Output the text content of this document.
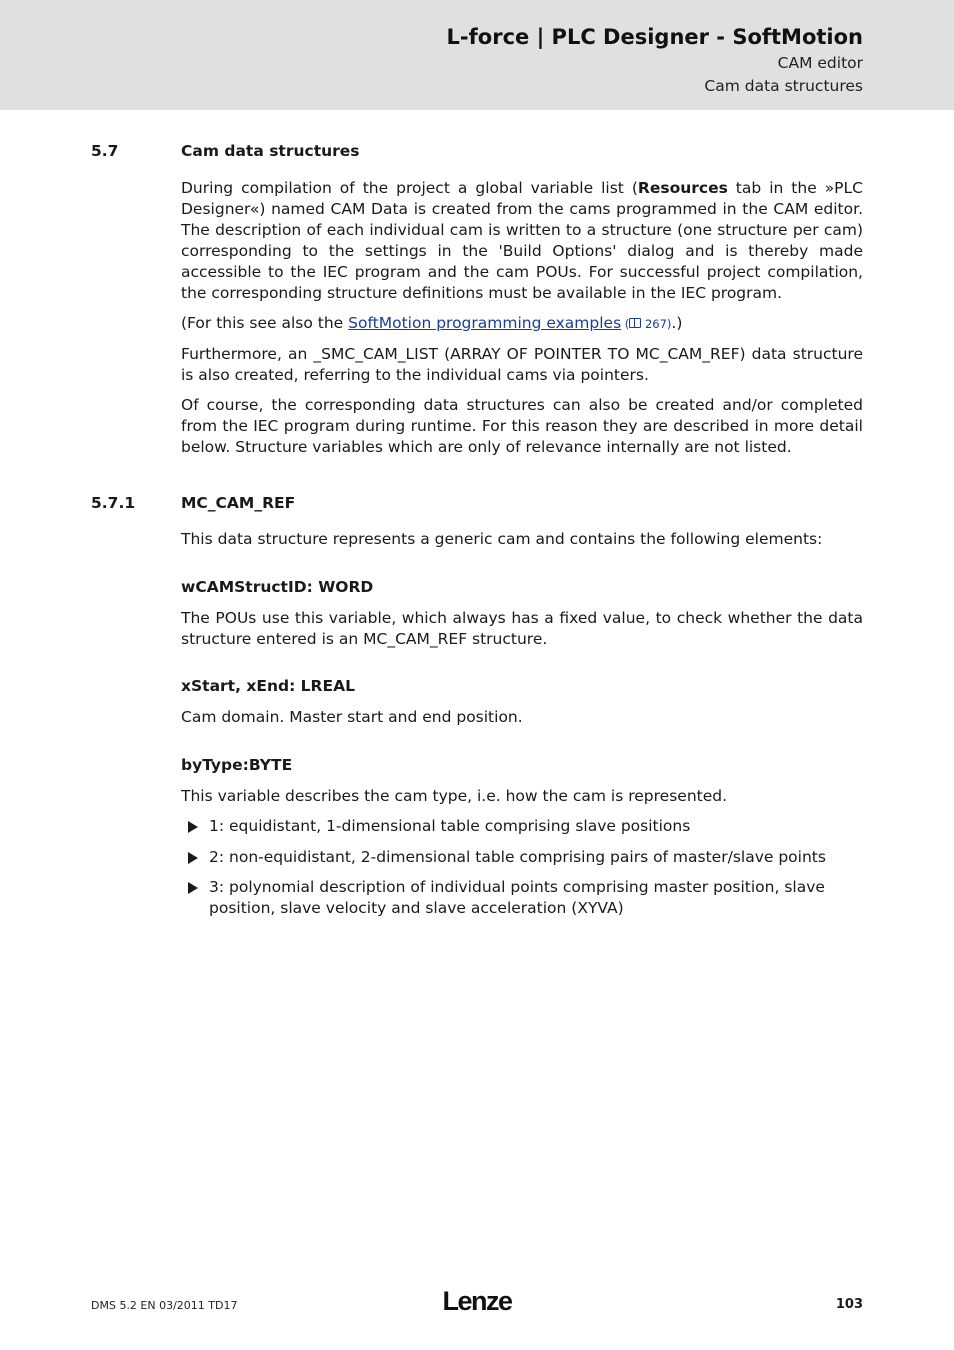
L-force | PLC Designer - SoftMotion
CAM editor
Cam data structures
5.7	Cam data structures
During compilation of the project a global variable list (Resources tab in the »PLC Designer«) named CAM Data is created from the cams programmed in the CAM editor. The description of each individual cam is written to a structure (one structure per cam) corresponding to the settings in the 'Build Options' dialog and is thereby made accessible to the IEC program and the cam POUs. For successful project compilation, the corresponding structure definitions must be available in the IEC program.
(For this see also the SoftMotion programming examples ( 267).)
Furthermore, an _SMC_CAM_LIST (ARRAY OF POINTER TO MC_CAM_REF) data structure is also created, referring to the individual cams via pointers.
Of course, the corresponding data structures can also be created and/or completed from the IEC program during runtime. For this reason they are described in more detail below. Structure variables which are only of relevance internally are not listed.
5.7.1	MC_CAM_REF
This data structure represents a generic cam and contains the following elements:
wCAMStructID: WORD
The POUs use this variable, which always has a fixed value, to check whether the data structure entered is an MC_CAM_REF structure.
xStart, xEnd: LREAL
Cam domain. Master start and end position.
byType:BYTE
This variable describes the cam type, i.e. how the cam is represented.
1: equidistant, 1-dimensional table comprising slave positions
2: non-equidistant, 2-dimensional table comprising pairs of master/slave points
3: polynomial description of individual points comprising master position, slave position, slave velocity and slave acceleration (XYVA)
DMS 5.2 EN 03/2011 TD17	Lenze	103
